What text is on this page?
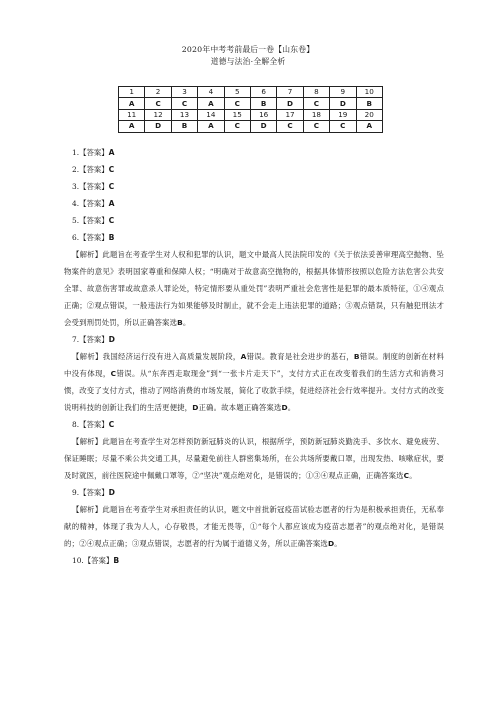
2020年中考考前最后一卷【山东卷】
道德与法治·全解全析
1	2	3	4	5	6	7	8	9	10
A	C	C	A	C	B	D	C	D	B
11	12	13	14	15	16	17	18	19	20
A	D	B	A	C	D	C	C	C	A

1.【答案】A

2.【答案】C

3.【答案】C

4.【答案】A

5.【答案】C

6.【答案】B

【解析】此题旨在考查学生对人权和犯罪的认识，题文中最高人民法院印发的《关于依法妥善审理高空抛物、坠物案件的意见》表明国家尊重和保障人权；“明确对于故意高空抛物的，根据具体情形按照以危险方法危害公共安全罪、故意伤害罪或故意杀人罪论处，特定情形要从重处罚”表明严重社会危害性是犯罪的最本质特征，①④观点正确；②观点错误，一般违法行为如果能够及时制止，就不会走上违法犯罪的道路；③观点错误，只有触犯刑法才会受到刑罚处罚，所以正确答案选B。

7.【答案】D

【解析】我国经济运行没有进入高质量发展阶段，A错误。教育是社会进步的基石，B错误。制度的创新在材料中没有体现，C错误。从“东奔西走取现金”到“一张卡片走天下”，支付方式正在改变着我们的生活方式和消费习惯，改变了支付方式，推动了网络消费的市场发展，简化了收款手续，促进经济社会行效率提升。支付方式的改变说明科技的创新让我们的生活更便捷，D正确。故本题正确答案选D。

8.【答案】C

【解析】此题旨在考查学生对怎样预防新冠肺炎的认识，根据所学，预防新冠肺炎勤洗手、多饮水、避免疲劳、保证睡眠；尽量不乘公共交通工具，尽量避免前往人群密集场所，在公共场所要戴口罩，出现发热、咳嗽症状，要及时就医，前往医院途中佩戴口罩等，②“坚决”观点绝对化，是错误的；①③④观点正确，正确答案选C。

9.【答案】D

【解析】此题旨在考查学生对承担责任的认识，题文中首批新冠疫苗试验志愿者的行为是积极承担责任，无私奉献的精神，体现了我为人人，心存敬畏，才能无畏等，①“每个人都应该成为疫苗志愿者”的观点绝对化，是错误的；②④观点正确；③观点错误，志愿者的行为属于道德义务，所以正确答案选D。

10.【答案】B
